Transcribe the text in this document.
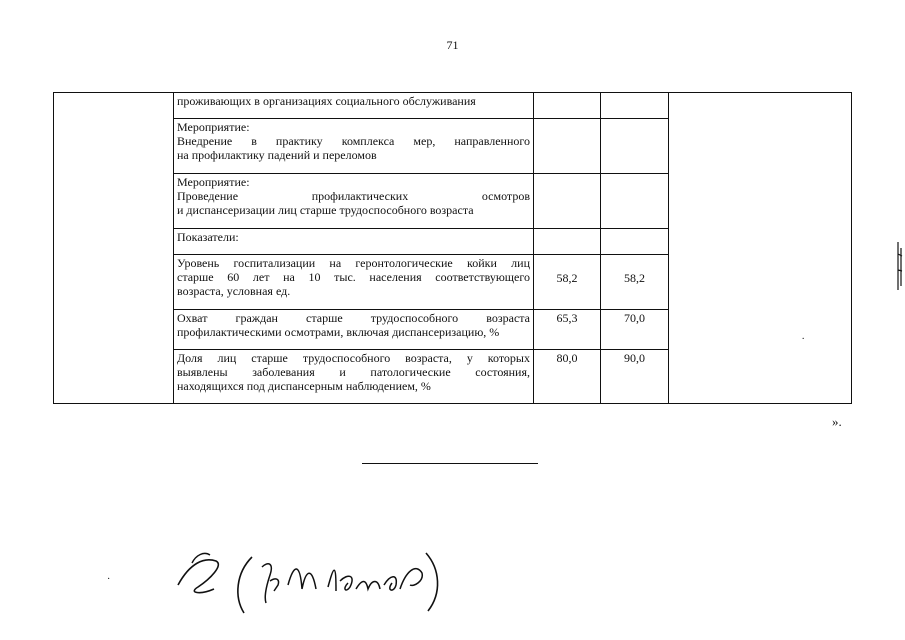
71

	проживающих в организациях социального обслуживания			·

	Мероприятие:
Внедрение в практику комплекса мер, направленного
на профилактику падений и переломов			

	Мероприятие:
Проведение профилактических осмотров
и диспансеризации лиц старше трудоспособного возраста			

	Показатели:			

	Уровень госпитализации на геронтологические койки лиц
старше 60 лет на 10 тыс. населения соответствующего
возраста, условная ед.	58,2	58,2	

	Охват граждан старше трудоспособного возраста
профилактическими осмотрами, включая диспансеризацию, %	65,3	70,0	

	Доля лиц старше трудоспособного возраста, у которых
выявлены заболевания и патологические состояния,
находящихся под диспансерным наблюдением, %	80,0	90,0	
».
·
